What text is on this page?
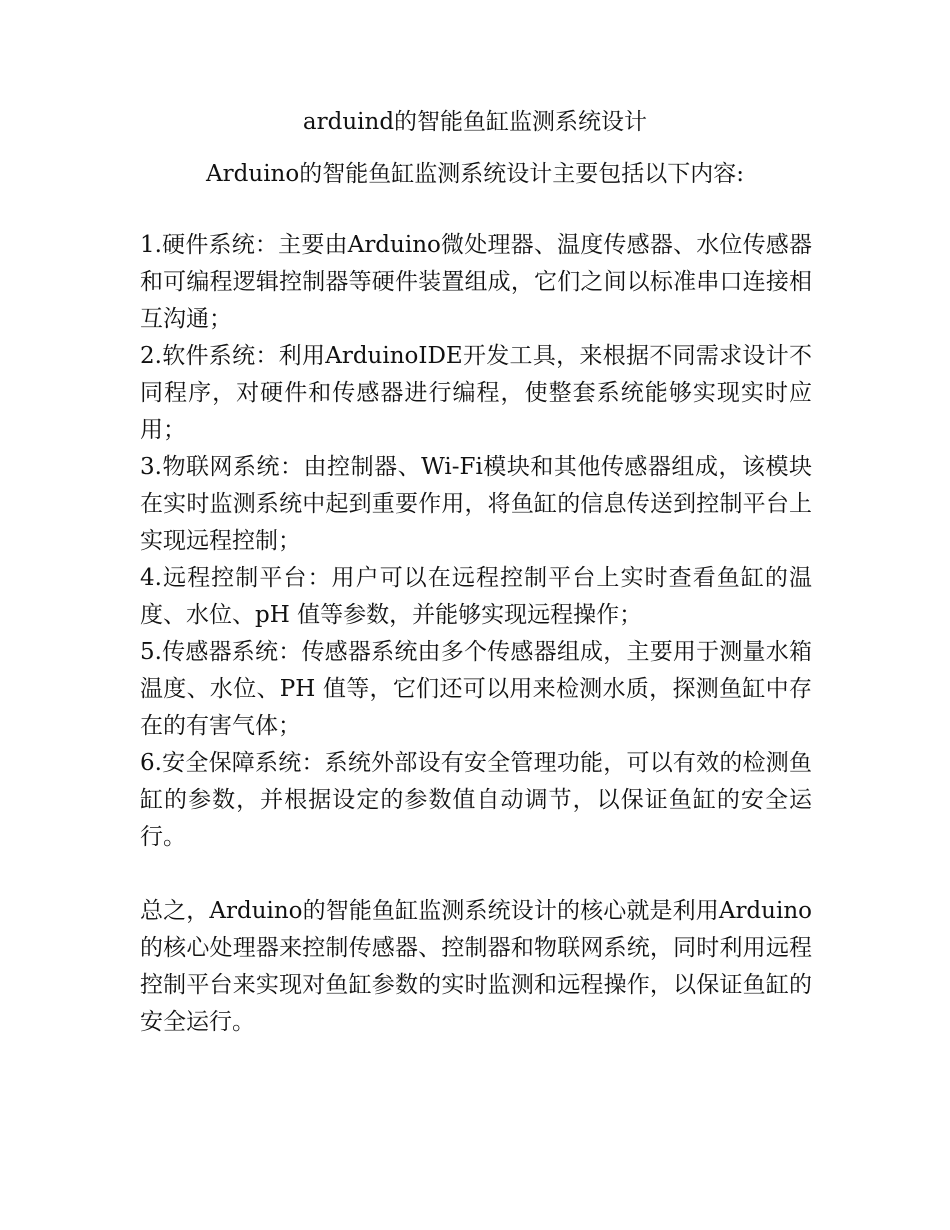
arduind的智能鱼缸监测系统设计
Arduino的智能鱼缸监测系统设计主要包括以下内容:

1.硬件系统：主要由Arduino微处理器、温度传感器、水位传感器和可编程逻辑控制器等硬件装置组成，它们之间以标准串口连接相互沟通；

2.软件系统：利用ArduinoIDE开发工具，来根据不同需求设计不同程序，对硬件和传感器进行编程，使整套系统能够实现实时应用；

3.物联网系统：由控制器、Wi-Fi模块和其他传感器组成，该模块在实时监测系统中起到重要作用，将鱼缸的信息传送到控制平台上实现远程控制；

4.远程控制平台：用户可以在远程控制平台上实时查看鱼缸的温度、水位、pH 值等参数，并能够实现远程操作；

5.传感器系统：传感器系统由多个传感器组成，主要用于测量水箱温度、水位、PH 值等，它们还可以用来检测水质，探测鱼缸中存在的有害气体；

6.安全保障系统：系统外部设有安全管理功能，可以有效的检测鱼缸的参数，并根据设定的参数值自动调节，以保证鱼缸的安全运行。

总之，Arduino的智能鱼缸监测系统设计的核心就是利用Arduino的核心处理器来控制传感器、控制器和物联网系统，同时利用远程控制平台来实现对鱼缸参数的实时监测和远程操作，以保证鱼缸的安全运行。
